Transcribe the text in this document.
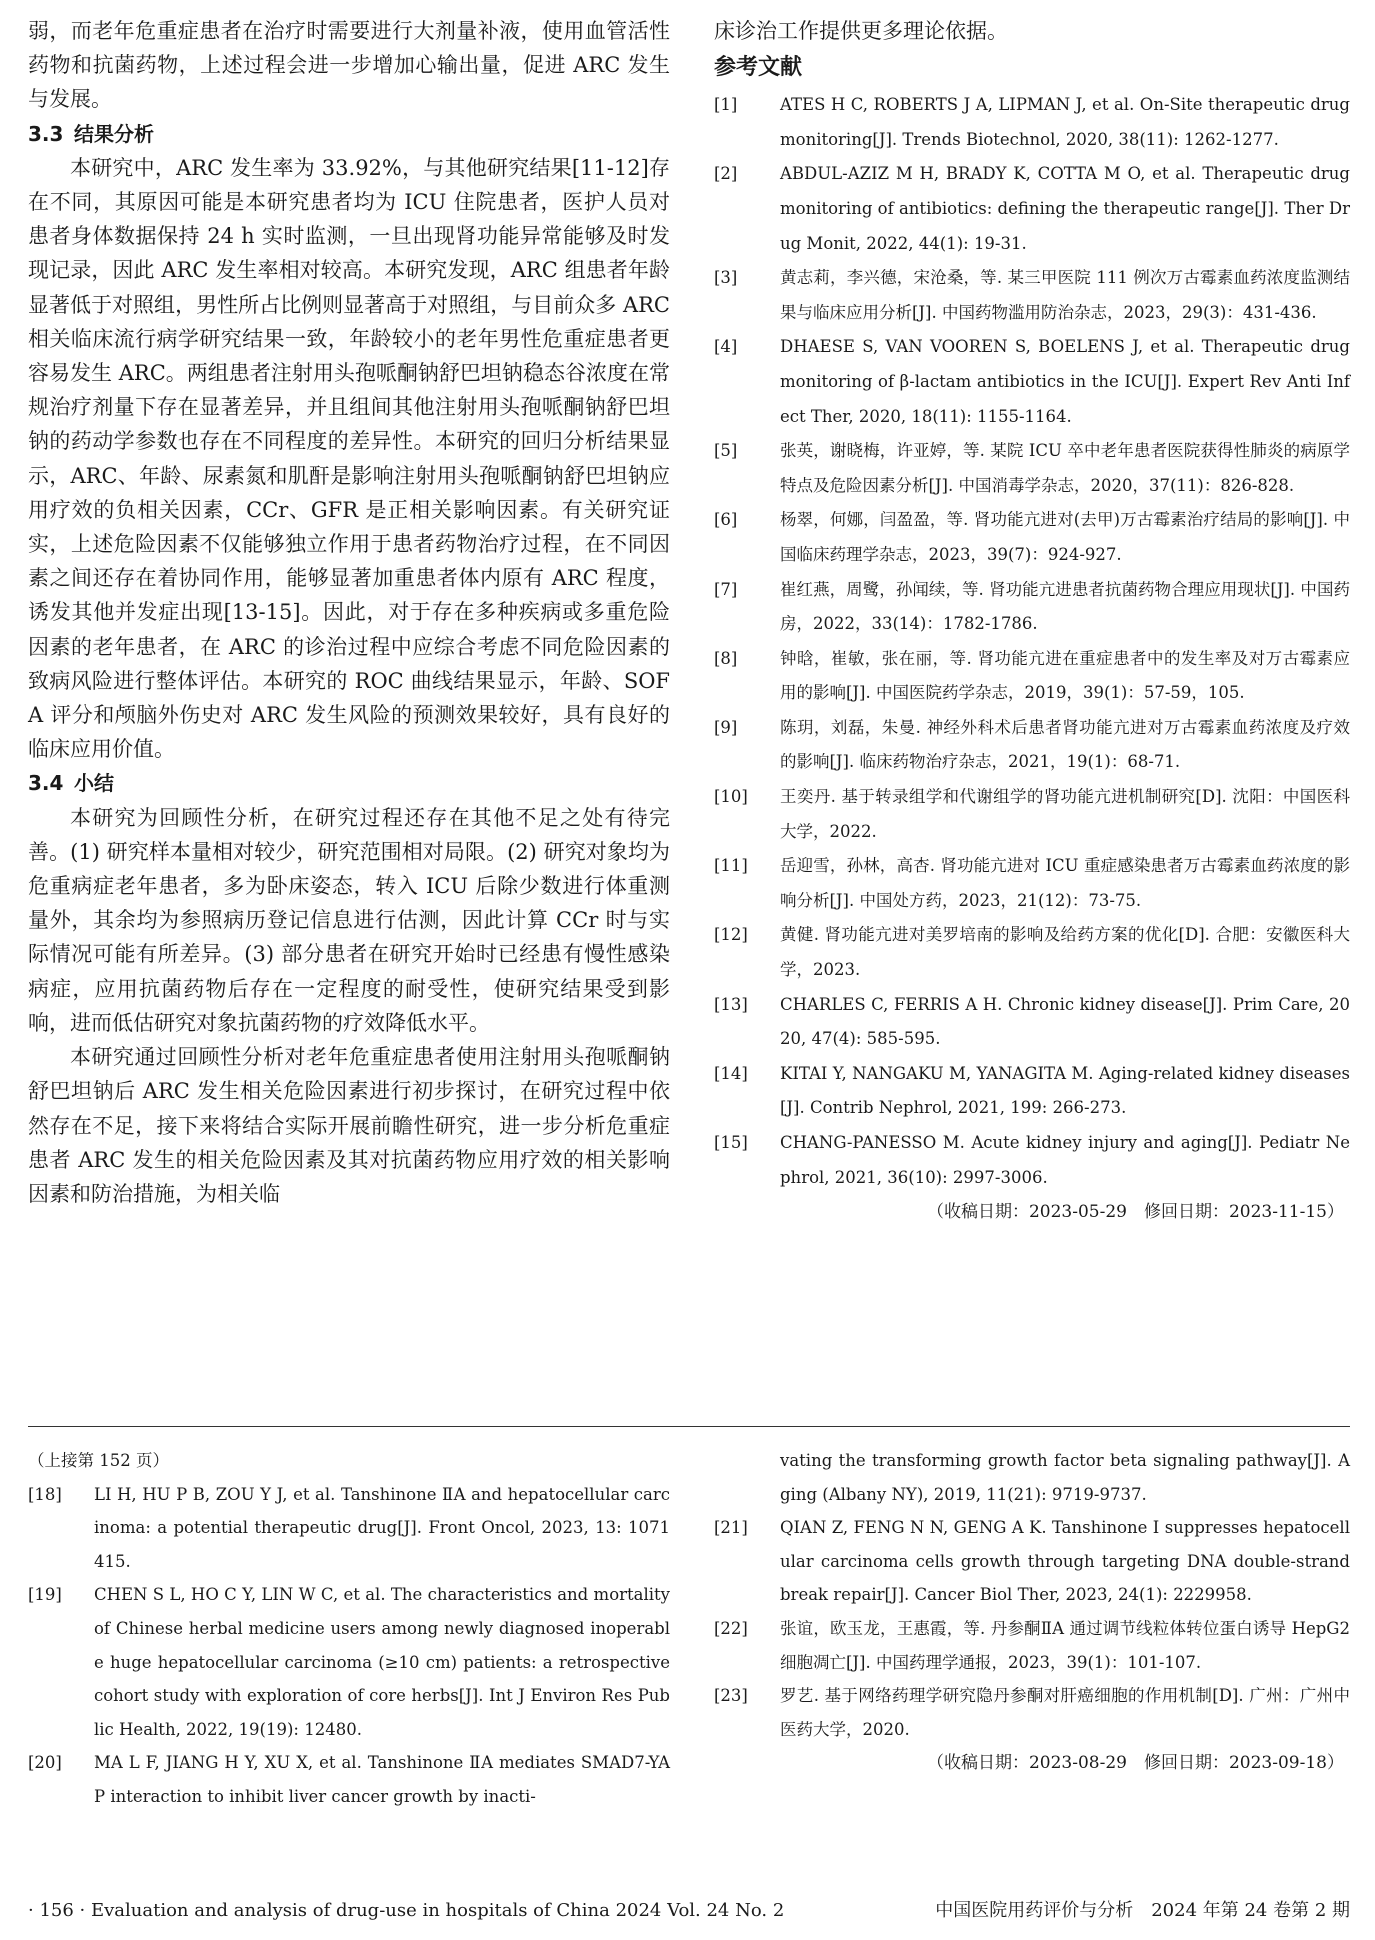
弱，而老年危重症患者在治疗时需要进行大剂量补液，使用血管活性药物和抗菌药物，上述过程会进一步增加心输出量，促进 ARC 发生与发展。

3.3 结果分析

本研究中，ARC 发生率为 33.92%，与其他研究结果[11-12]存在不同，其原因可能是本研究患者均为 ICU 住院患者，医护人员对患者身体数据保持 24 h 实时监测，一旦出现肾功能异常能够及时发现记录，因此 ARC 发生率相对较高。本研究发现，ARC 组患者年龄显著低于对照组，男性所占比例则显著高于对照组，与目前众多 ARC 相关临床流行病学研究结果一致，年龄较小的老年男性危重症患者更容易发生 ARC。两组患者注射用头孢哌酮钠舒巴坦钠稳态谷浓度在常规治疗剂量下存在显著差异，并且组间其他注射用头孢哌酮钠舒巴坦钠的药动学参数也存在不同程度的差异性。本研究的回归分析结果显示，ARC、年龄、尿素氮和肌酐是影响注射用头孢哌酮钠舒巴坦钠应用疗效的负相关因素，CCr、GFR 是正相关影响因素。有关研究证实，上述危险因素不仅能够独立作用于患者药物治疗过程，在不同因素之间还存在着协同作用，能够显著加重患者体内原有 ARC 程度，诱发其他并发症出现[13-15]。因此，对于存在多种疾病或多重危险因素的老年患者，在 ARC 的诊治过程中应综合考虑不同危险因素的致病风险进行整体评估。本研究的 ROC 曲线结果显示，年龄、SOFA 评分和颅脑外伤史对 ARC 发生风险的预测效果较好，具有良好的临床应用价值。

3.4 小结

本研究为回顾性分析，在研究过程还存在其他不足之处有待完善。(1) 研究样本量相对较少，研究范围相对局限。(2) 研究对象均为危重病症老年患者，多为卧床姿态，转入 ICU 后除少数进行体重测量外，其余均为参照病历登记信息进行估测，因此计算 CCr 时与实际情况可能有所差异。(3) 部分患者在研究开始时已经患有慢性感染病症，应用抗菌药物后存在一定程度的耐受性，使研究结果受到影响，进而低估研究对象抗菌药物的疗效降低水平。

本研究通过回顾性分析对老年危重症患者使用注射用头孢哌酮钠舒巴坦钠后 ARC 发生相关危险因素进行初步探讨，在研究过程中依然存在不足，接下来将结合实际开展前瞻性研究，进一步分析危重症患者 ARC 发生的相关危险因素及其对抗菌药物应用疗效的相关影响因素和防治措施，为相关临

床诊治工作提供更多理论依据。

参考文献
[1]	ATES H C, ROBERTS J A, LIPMAN J, et al. On-Site therapeutic drug monitoring[J]. Trends Biotechnol, 2020, 38(11): 1262-1277.
[2]	ABDUL-AZIZ M H, BRADY K, COTTA M O, et al. Therapeutic drug monitoring of antibiotics: defining the therapeutic range[J]. Ther Drug Monit, 2022, 44(1): 19-31.
[3]	黄志莉，李兴德，宋沧桑，等. 某三甲医院 111 例次万古霉素血药浓度监测结果与临床应用分析[J]. 中国药物滥用防治杂志，2023，29(3)：431-436.
[4]	DHAESE S, VAN VOOREN S, BOELENS J, et al. Therapeutic drug monitoring of β-lactam antibiotics in the ICU[J]. Expert Rev Anti Infect Ther, 2020, 18(11): 1155-1164.
[5]	张英，谢晓梅，许亚婷，等. 某院 ICU 卒中老年患者医院获得性肺炎的病原学特点及危险因素分析[J]. 中国消毒学杂志，2020，37(11)：826-828.
[6]	杨翠，何娜，闫盈盈，等. 肾功能亢进对(去甲)万古霉素治疗结局的影响[J]. 中国临床药理学杂志，2023，39(7)：924-927.
[7]	崔红燕，周鹭，孙闻续，等. 肾功能亢进患者抗菌药物合理应用现状[J]. 中国药房，2022，33(14)：1782-1786.
[8]	钟晗，崔敏，张在丽，等. 肾功能亢进在重症患者中的发生率及对万古霉素应用的影响[J]. 中国医院药学杂志，2019，39(1)：57-59，105.
[9]	陈玥，刘磊，朱曼. 神经外科术后患者肾功能亢进对万古霉素血药浓度及疗效的影响[J]. 临床药物治疗杂志，2021，19(1)：68-71.
[10]	王奕丹. 基于转录组学和代谢组学的肾功能亢进机制研究[D]. 沈阳：中国医科大学，2022.
[11]	岳迎雪，孙林，高杏. 肾功能亢进对 ICU 重症感染患者万古霉素血药浓度的影响分析[J]. 中国处方药，2023，21(12)：73-75.
[12]	黄健. 肾功能亢进对美罗培南的影响及给药方案的优化[D]. 合肥：安徽医科大学，2023.
[13]	CHARLES C, FERRIS A H. Chronic kidney disease[J]. Prim Care, 2020, 47(4): 585-595.
[14]	KITAI Y, NANGAKU M, YANAGITA M. Aging-related kidney diseases[J]. Contrib Nephrol, 2021, 199: 266-273.
[15]	CHANG-PANESSO M. Acute kidney injury and aging[J]. Pediatr Nephrol, 2021, 36(10): 2997-3006.

（收稿日期：2023-05-29　修回日期：2023-11-15）

（上接第 152 页）

[18]	LI H, HU P B, ZOU Y J, et al. Tanshinone ⅡA and hepatocellular carcinoma: a potential therapeutic drug[J]. Front Oncol, 2023, 13: 1071415.
[19]	CHEN S L, HO C Y, LIN W C, et al. The characteristics and mortality of Chinese herbal medicine users among newly diagnosed inoperable huge hepatocellular carcinoma (≥10 cm) patients: a retrospective cohort study with exploration of core herbs[J]. Int J Environ Res Public Health, 2022, 19(19): 12480.
[20]	MA L F, JIANG H Y, XU X, et al. Tanshinone ⅡA mediates SMAD7-YAP interaction to inhibit liver cancer growth by inacti-

vating the transforming growth factor beta signaling pathway[J]. Aging (Albany NY), 2019, 11(21): 9719-9737.

[21]	QIAN Z, FENG N N, GENG A K. Tanshinone Ⅰ suppresses hepatocellular carcinoma cells growth through targeting DNA double-strand break repair[J]. Cancer Biol Ther, 2023, 24(1): 2229958.
[22]	张谊，欧玉龙，王惠霞，等. 丹参酮ⅡA 通过调节线粒体转位蛋白诱导 HepG2 细胞凋亡[J]. 中国药理学通报，2023，39(1)：101-107.
[23]	罗艺. 基于网络药理学研究隐丹参酮对肝癌细胞的作用机制[D]. 广州：广州中医药大学，2020.

（收稿日期：2023-08-29　修回日期：2023-09-18）

· 156 · Evaluation and analysis of drug-use in hospitals of China 2024 Vol. 24 No. 2	中国医院用药评价与分析　2024 年第 24 卷第 2 期
